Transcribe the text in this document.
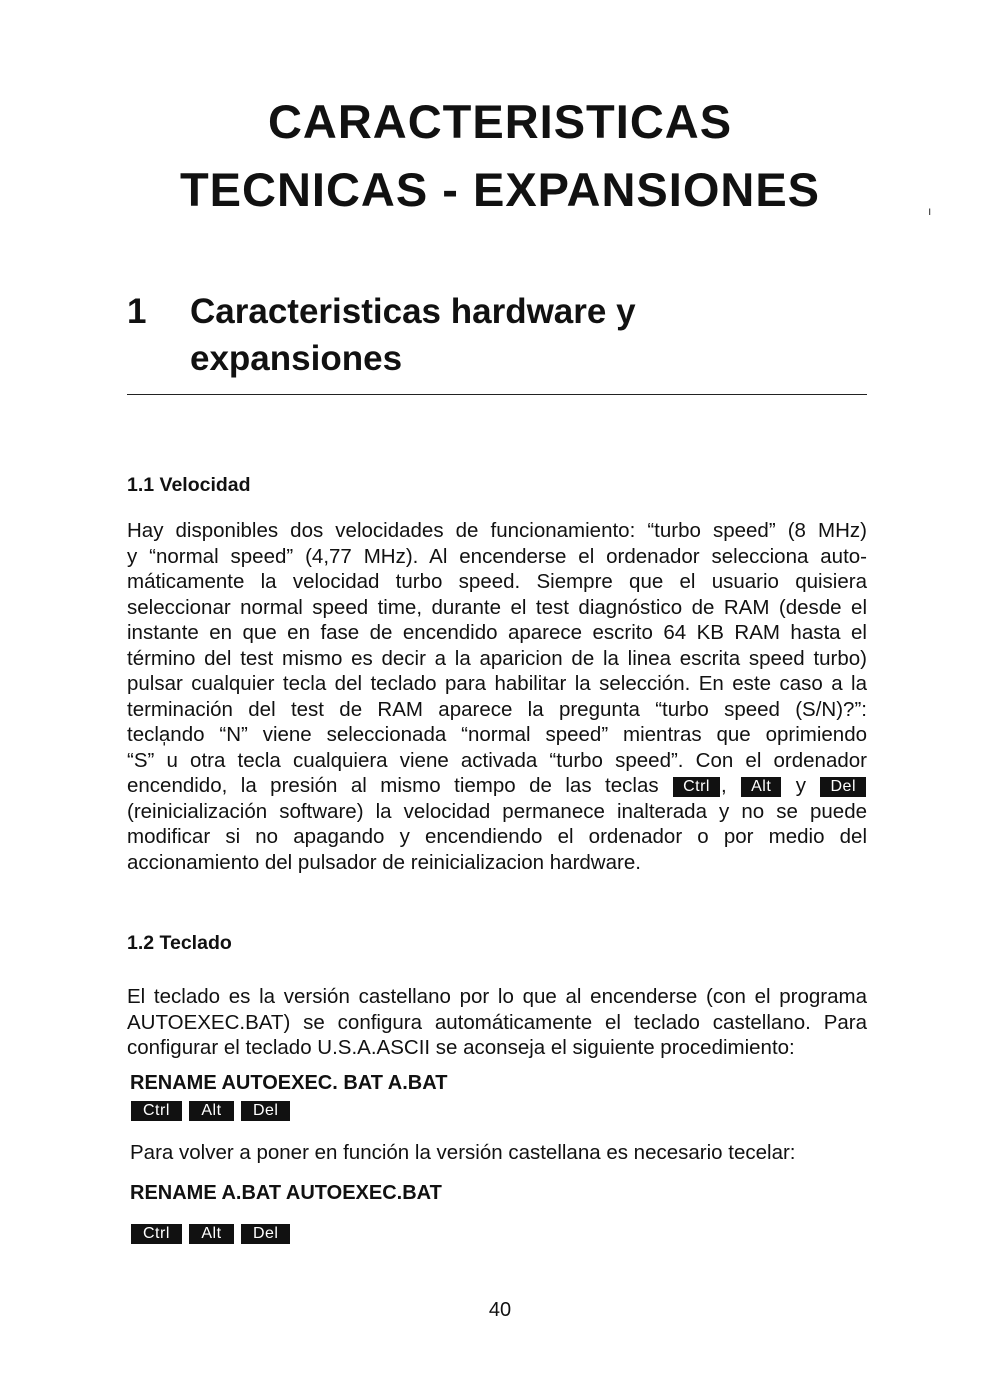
CARACTERISTICAS
TECNICAS - EXPANSIONES	ı
1 Caracteristicas hardware y
expansiones
1.1 Velocidad
Hay disponibles dos velocidades de funcionamiento: “turbo speed” (8 MHz)
y “normal speed” (4,77 MHz). Al encenderse el ordenador selecciona auto-
máticamente la velocidad turbo speed. Siempre que el usuario quisiera
seleccionar normal speed time, durante el test diagnóstico de RAM (desde el
instante en que en fase de encendido aparece escrito 64 KB RAM hasta el
término del test mismo es decir a la aparicion de la linea escrita speed turbo)
pulsar cualquier tecla del teclado para habilitar la selección. En este caso a la
terminación del test de RAM aparece la pregunta “turbo speed (S/N)?”:
tecla̩ndo “N” viene seleccionada “normal speed” mientras que oprimiendo
“S” u otra tecla cualquiera viene activada “turbo speed”. Con el ordenador
encendido, la presión al mismo tiempo de las teclas Ctrl , Alt y Del
(reinicialización software) la velocidad permanece inalterada y no se puede
modificar si no apagando y encendiendo el ordenador o por medio del
accionamiento del pulsador de reinicializacion hardware.
1.2 Teclado
El teclado es la versión castellano por lo que al encenderse (con el programa
AUTOEXEC.BAT) se configura automáticamente el teclado castellano. Para
configurar el teclado U.S.A.ASCII se aconseja el siguiente procedimiento:

RENAME AUTOEXEC. BAT A.BAT

Ctrl Alt Del

Para volver a poner en función la versión castellana es necesario tecelar:

RENAME A.BAT AUTOEXEC.BAT

Ctrl Alt Del
40
